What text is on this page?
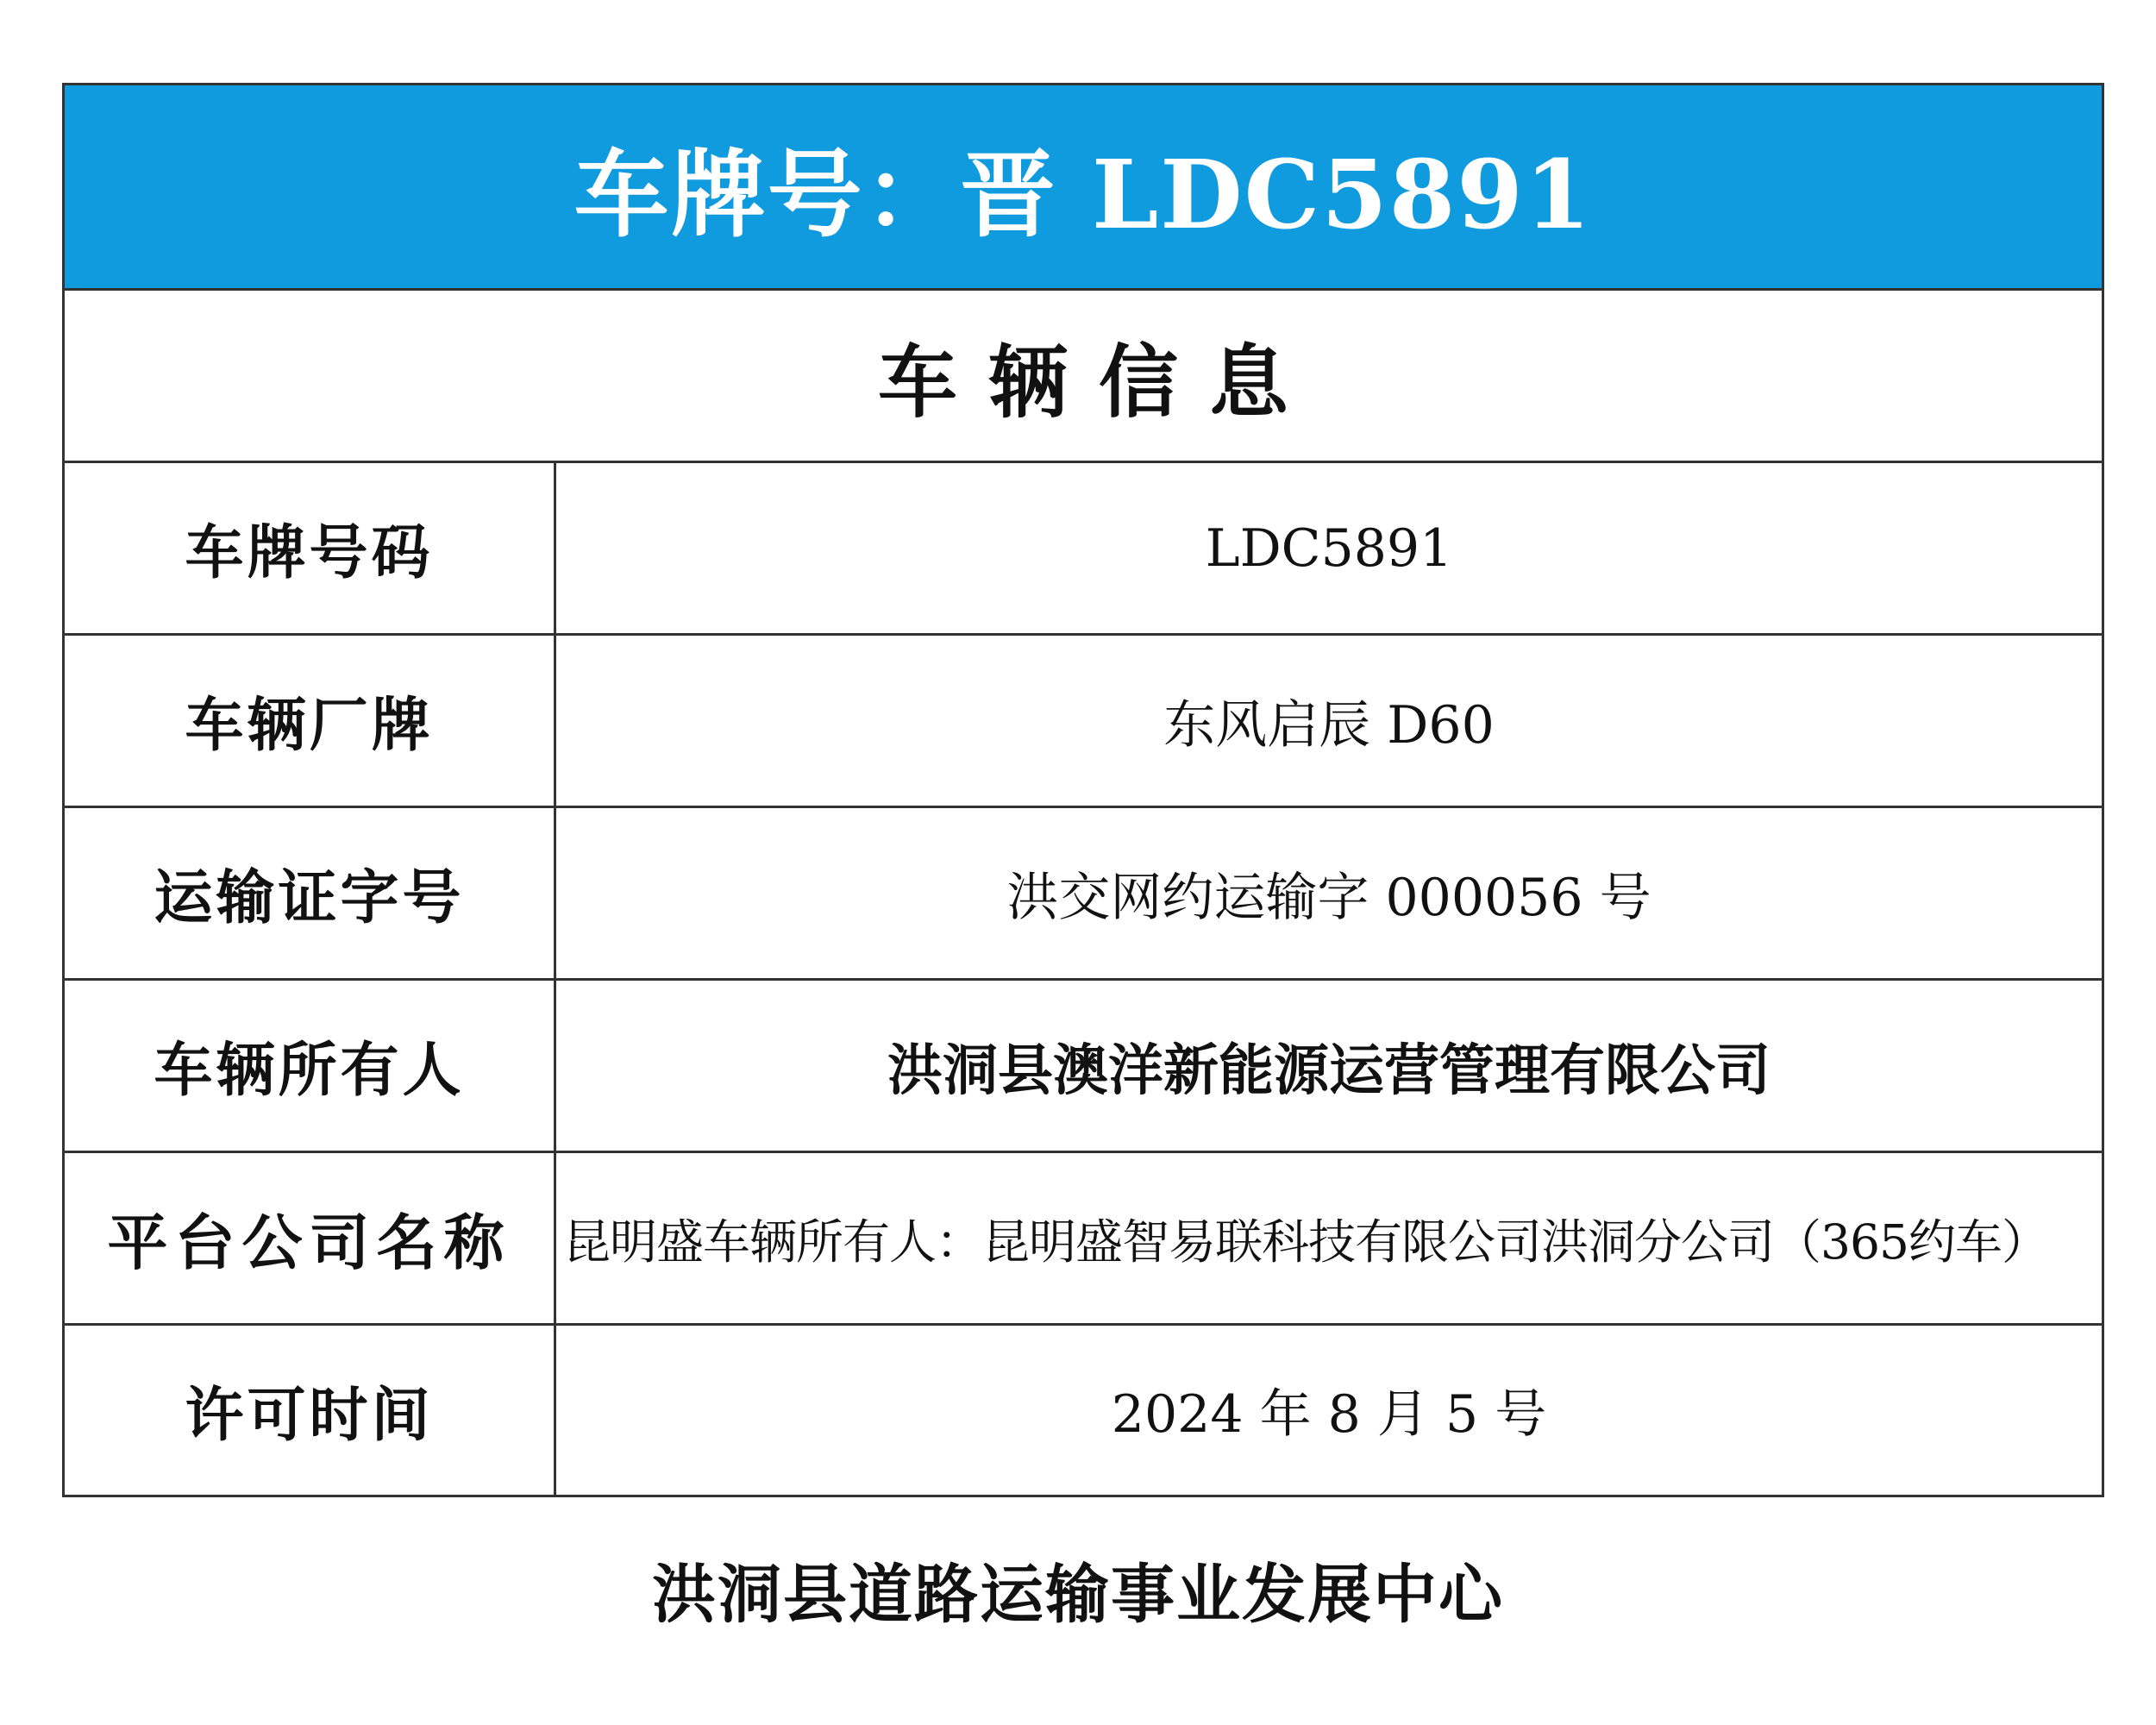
车牌号：晋 LDC5891
车辆信息
车牌号码	LDC5891
车辆厂牌	东风启辰 D60
运输证字号	洪交网约运输字 000056 号
车辆所有人	洪洞县澳洋新能源运营管理有限公司
平台公司名称	昆明盛车辆所有人：昆明盛智易联科技有限公司洪洞分公司（365约车）
许可时间	2024 年 8 月 5 号
洪洞县道路运输事业发展中心
